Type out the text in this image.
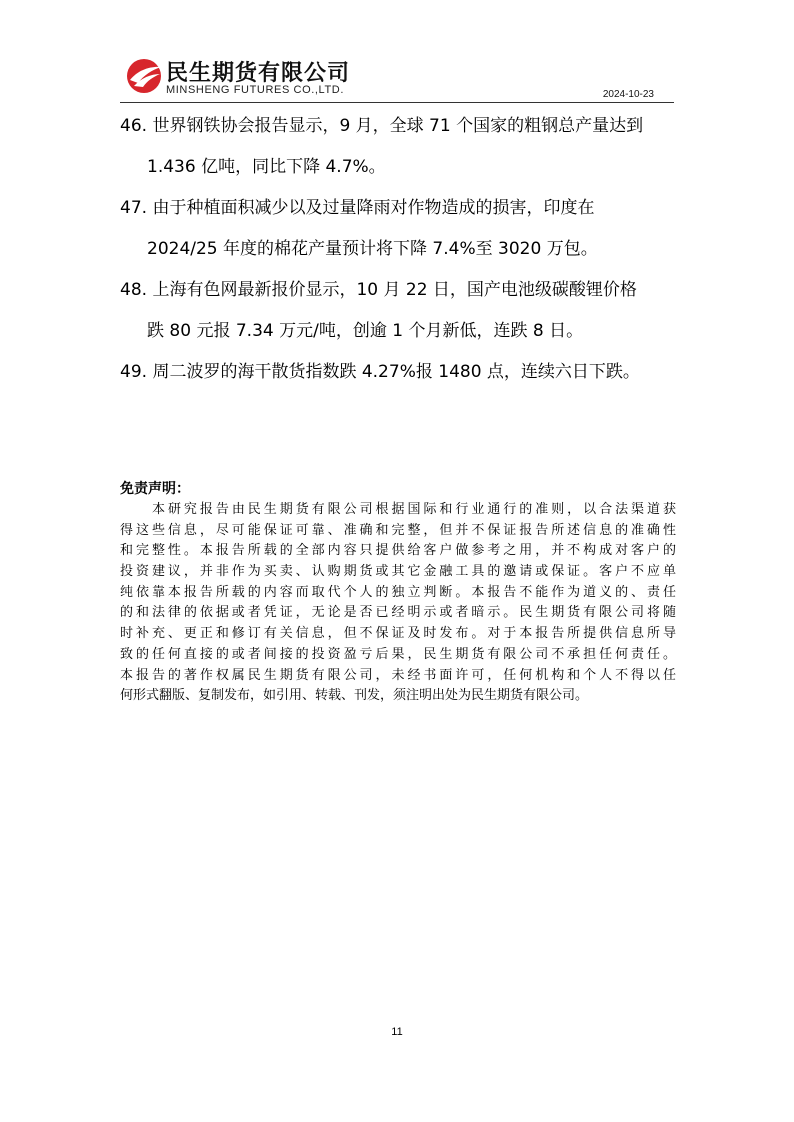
民生期货有限公司
MINSHENG FUTURES CO.,LTD.	2024-10-23
46. 世界钢铁协会报告显示，9 月，全球 71 个国家的粗钢总产量达到
1.436 亿吨，同比下降 4.7%。
47. 由于种植面积减少以及过量降雨对作物造成的损害，印度在
2024/25 年度的棉花产量预计将下降 7.4%至 3020 万包。
48. 上海有色网最新报价显示，10 月 22 日，国产电池级碳酸锂价格
跌 80 元报 7.34 万元/吨，创逾 1 个月新低，连跌 8 日。
49. 周二波罗的海干散货指数跌 4.27%报 1480 点，连续六日下跌。
免责声明：
本研究报告由民生期货有限公司根据国际和行业通行的准则，以合法渠道获
得这些信息，尽可能保证可靠、准确和完整，但并不保证报告所述信息的准确性
和完整性。本报告所载的全部内容只提供给客户做参考之用，并不构成对客户的
投资建议，并非作为买卖、认购期货或其它金融工具的邀请或保证。客户不应单
纯依靠本报告所载的内容而取代个人的独立判断。本报告不能作为道义的、责任
的和法律的依据或者凭证，无论是否已经明示或者暗示。民生期货有限公司将随
时补充、更正和修订有关信息，但不保证及时发布。对于本报告所提供信息所导
致的任何直接的或者间接的投资盈亏后果，民生期货有限公司不承担任何责任。
本报告的著作权属民生期货有限公司，未经书面许可，任何机构和个人不得以任
何形式翻版、复制发布，如引用、转载、刊发，须注明出处为民生期货有限公司。
11
